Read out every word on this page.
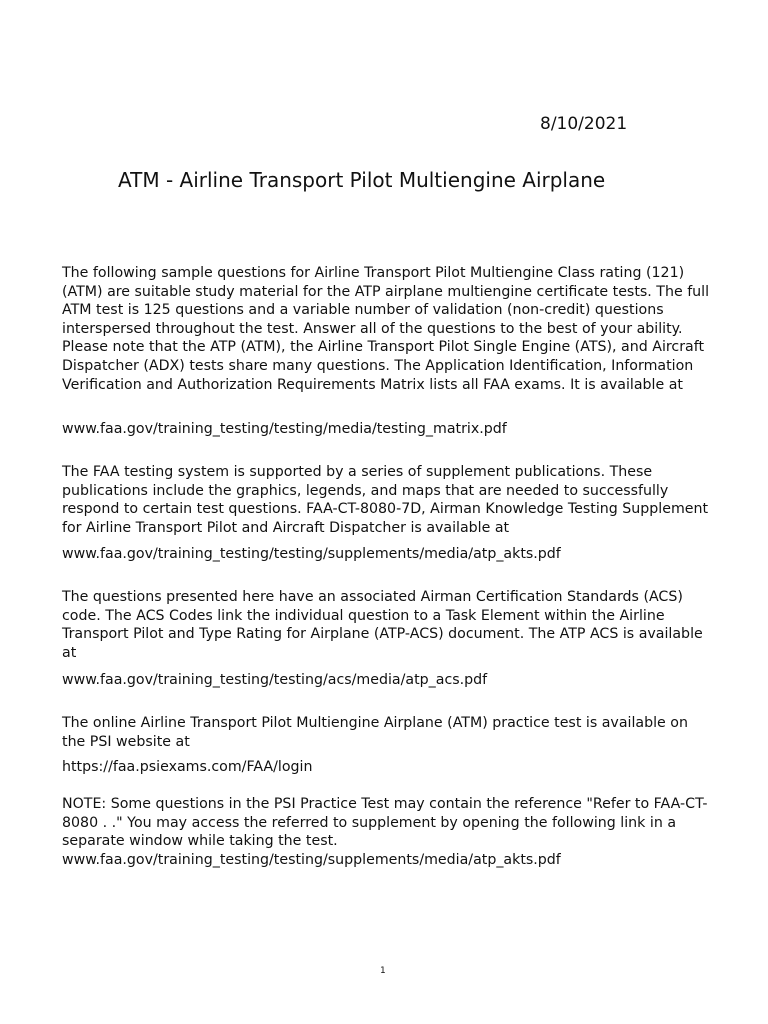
8/10/2021
ATM - Airline Transport Pilot Multiengine Airplane

The following sample questions for Airline Transport Pilot Multiengine Class rating (121) (ATM) are suitable study material for the ATP airplane multiengine certificate tests. The full ATM test is 125 questions and a variable number of validation (non-credit) questions interspersed throughout the test. Answer all of the questions to the best of your ability. Please note that the ATP (ATM), the Airline Transport Pilot Single Engine (ATS), and Aircraft Dispatcher (ADX) tests share many questions. The Application Identification, Information Verification and Authorization Requirements Matrix lists all FAA exams. It is available at

www.faa.gov/training_testing/testing/media/testing_matrix.pdf

The FAA testing system is supported by a series of supplement publications. These publications include the graphics, legends, and maps that are needed to successfully respond to certain test questions. FAA-CT-8080-7D, Airman Knowledge Testing Supplement for Airline Transport Pilot and Aircraft Dispatcher is available at

www.faa.gov/training_testing/testing/supplements/media/atp_akts.pdf

The questions presented here have an associated Airman Certification Standards (ACS) code. The ACS Codes link the individual question to a Task Element within the Airline Transport Pilot and Type Rating for Airplane (ATP-ACS) document. The ATP ACS is available at

www.faa.gov/training_testing/testing/acs/media/atp_acs.pdf

The online Airline Transport Pilot Multiengine Airplane (ATM) practice test is available on the PSI website at

https://faa.psiexams.com/FAA/login

NOTE: Some questions in the PSI Practice Test may contain the reference "Refer to FAA-CT-8080 . ." You may access the referred to supplement by opening the following link in a separate window while taking the test.
www.faa.gov/training_testing/testing/supplements/media/atp_akts.pdf
1
